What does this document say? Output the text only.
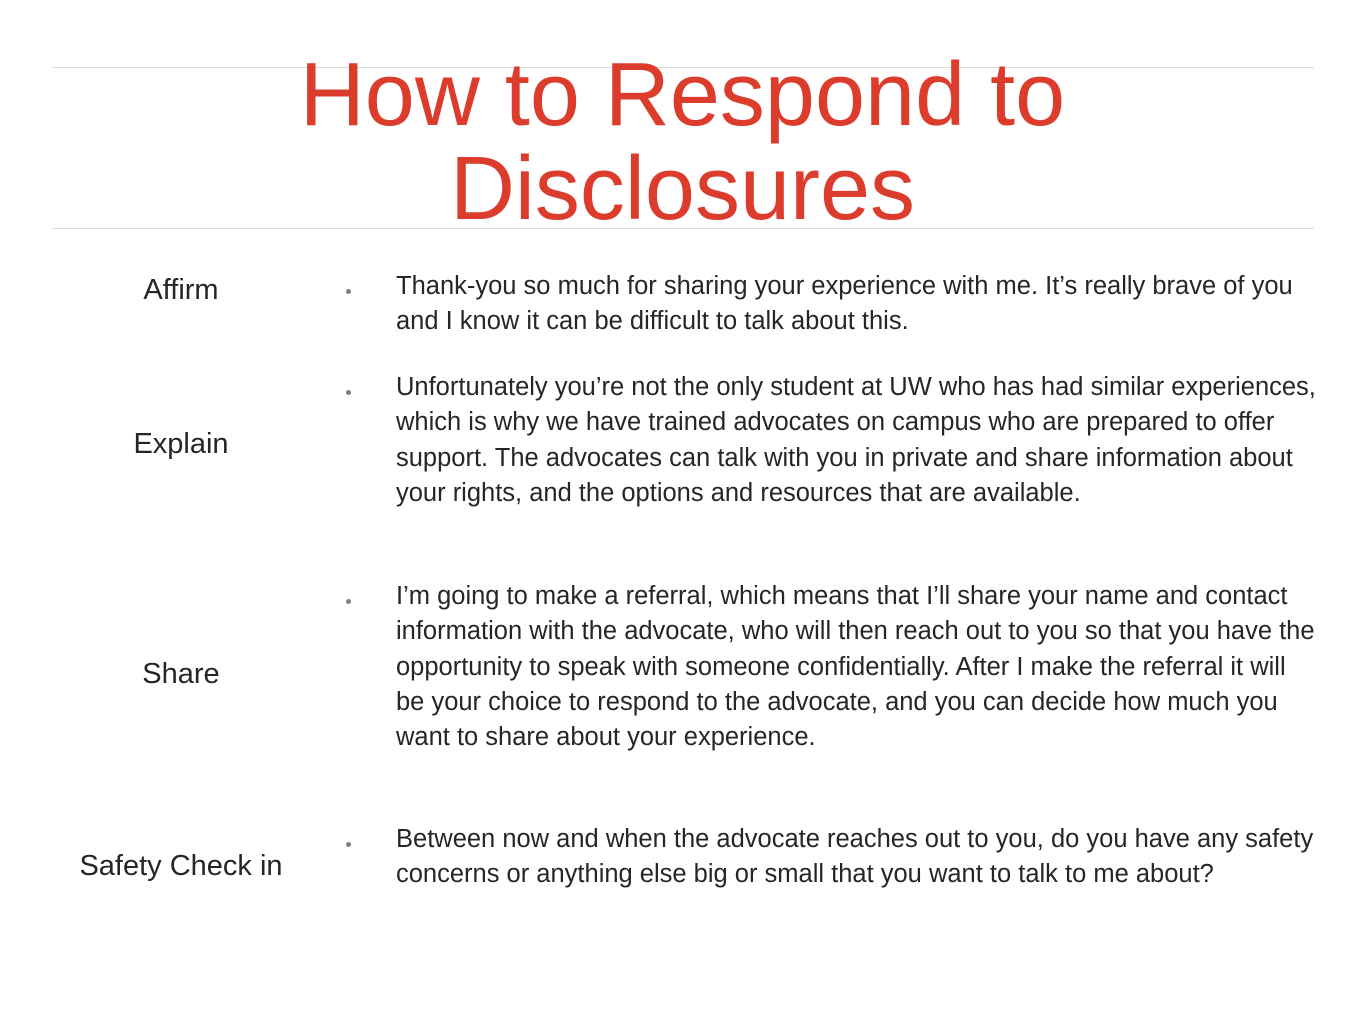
How to Respond to
Disclosures
Affirm
Explain
Share
Safety Check in

Thank-you so much for sharing your experience with me. It’s really brave of you and I know it can be difficult to talk about this.

Unfortunately you’re not the only student at UW who has had similar experiences, which is why we have trained advocates on campus who are prepared to offer support. The advocates can talk with you in private and share information about your rights, and the options and resources that are available.

I’m going to make a referral, which means that I’ll share your name and contact information with the advocate, who will then reach out to you so that you have the opportunity to speak with someone confidentially. After I make the referral it will be your choice to respond to the advocate, and you can decide how much you want to share about your experience.

Between now and when the advocate reaches out to you, do you have any safety concerns or anything else big or small that you want to talk to me about?
